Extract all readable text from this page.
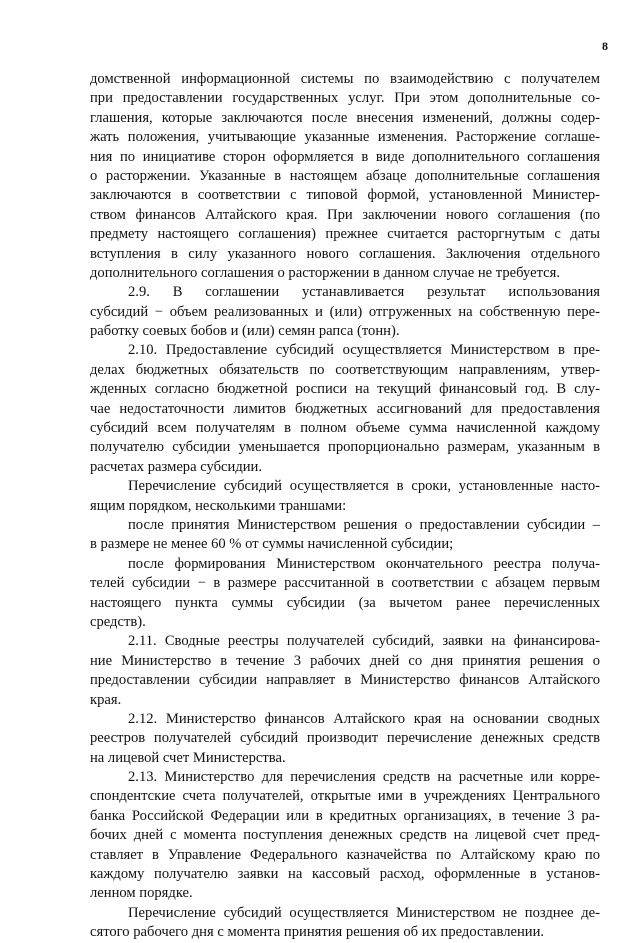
8
домственной информационной системы по взаимодействию с получателем
при предоставлении государственных услуг. При этом дополнительные со-
глашения, которые заключаются после внесения изменений, должны содер-
жать положения, учитывающие указанные изменения. Расторжение соглаше-
ния по инициативе сторон оформляется в виде дополнительного соглашения
о расторжении. Указанные в настоящем абзаце дополнительные соглашения
заключаются в соответствии с типовой формой, установленной Министер-
ством финансов Алтайского края. При заключении нового соглашения (по
предмету настоящего соглашения) прежнее считается расторгнутым с даты
вступления в силу указанного нового соглашения. Заключения отдельного
дополнительного соглашения о расторжении в данном случае не требуется.
2.9. В соглашении устанавливается результат использования
субсидий − объем реализованных и (или) отгруженных на собственную пере-
работку соевых бобов и (или) семян рапса (тонн).
2.10. Предоставление субсидий осуществляется Министерством в пре-
делах бюджетных обязательств по соответствующим направлениям, утвер-
жденных согласно бюджетной росписи на текущий финансовый год. В слу-
чае недостаточности лимитов бюджетных ассигнований для предоставления
субсидий всем получателям в полном объеме сумма начисленной каждому
получателю субсидии уменьшается пропорционально размерам, указанным в
расчетах размера субсидии.
Перечисление субсидий осуществляется в сроки, установленные насто-
ящим порядком, несколькими траншами:
после принятия Министерством решения о предоставлении субсидии –
в размере не менее 60 % от суммы начисленной субсидии;
после формирования Министерством окончательного реестра получа-
телей субсидии − в размере рассчитанной в соответствии с абзацем первым
настоящего пункта суммы субсидии (за вычетом ранее перечисленных
средств).
2.11. Сводные реестры получателей субсидий, заявки на финансирова-
ние Министерство в течение 3 рабочих дней со дня принятия решения о
предоставлении субсидии направляет в Министерство финансов Алтайского
края.
2.12. Министерство финансов Алтайского края на основании сводных
реестров получателей субсидий производит перечисление денежных средств
на лицевой счет Министерства.
2.13. Министерство для перечисления средств на расчетные или корре-
спондентские счета получателей, открытые ими в учреждениях Центрального
банка Российской Федерации или в кредитных организациях, в течение 3 ра-
бочих дней с момента поступления денежных средств на лицевой счет пред-
ставляет в Управление Федерального казначейства по Алтайскому краю по
каждому получателю заявки на кассовый расход, оформленные в установ-
ленном порядке.
Перечисление субсидий осуществляется Министерством не позднее де-
сятого рабочего дня с момента принятия решения об их предоставлении.
